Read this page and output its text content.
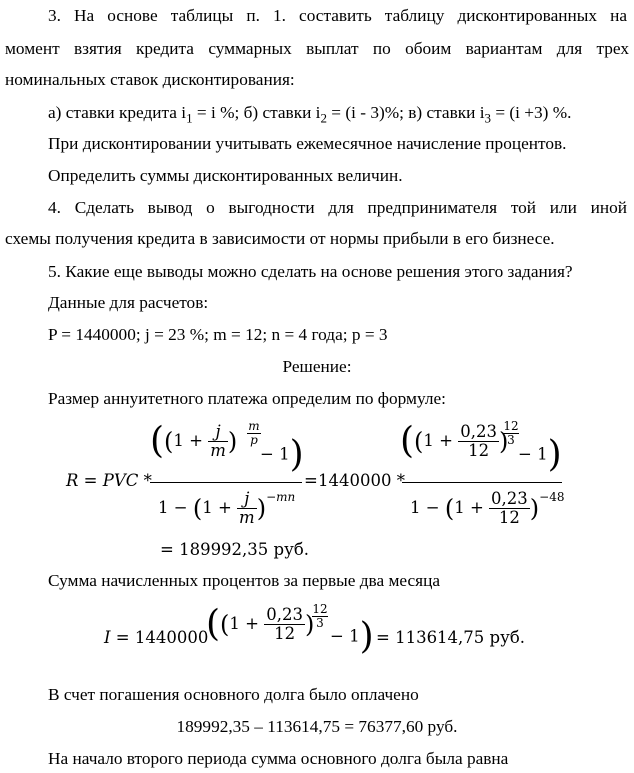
3. На основе таблицы п. 1. составить таблицу дисконтированных на
момент взятия кредита суммарных выплат по обоим вариантам для трех
номинальных ставок дисконтирования:
а) ставки кредита $i_1 = i$ %; б) ставки $i_2 = (i - 3)\%$; в) ставки $i_3 = (i +3)$ %.
При дисконтировании учитывать ежемесячное начисление процентов.
Определить суммы дисконтированных величин.
4. Сделать вывод о выгодности для предпринимателя той или иной
схемы получения кредита в зависимости от нормы прибыли в его бизнесе.
5. Какие еще выводы можно сделать на основе решения этого задания?
Данные для расчетов:
P = 1440000; j = 23 %; m = 12; n = 4 года; p = 3
Решение:
Размер аннуитетного платежа определим по формуле:
R = PVC *
(($1 + \frac{j}{m}$ )
m
p
− 1)
$1 - (1 + \frac{j}{m} )^{-mn}$
= 1440000 *
(($1 + \frac{0,23}{12}$ )
12
3
− 1)
$1 - (1 + \frac{0,23}{12} )^{-48}$
= 189992,35 руб.
Сумма начисленных процентов за первые два месяца
I = 1440000
(($1 + \frac{0,23}{12}$ )
12
3
− 1) = 113614,75 руб.
В счет погашения основного долга было оплачено
189992,35 – 113614,75 = 76377,60 руб.
На начало второго периода сумма основного долга была равна
